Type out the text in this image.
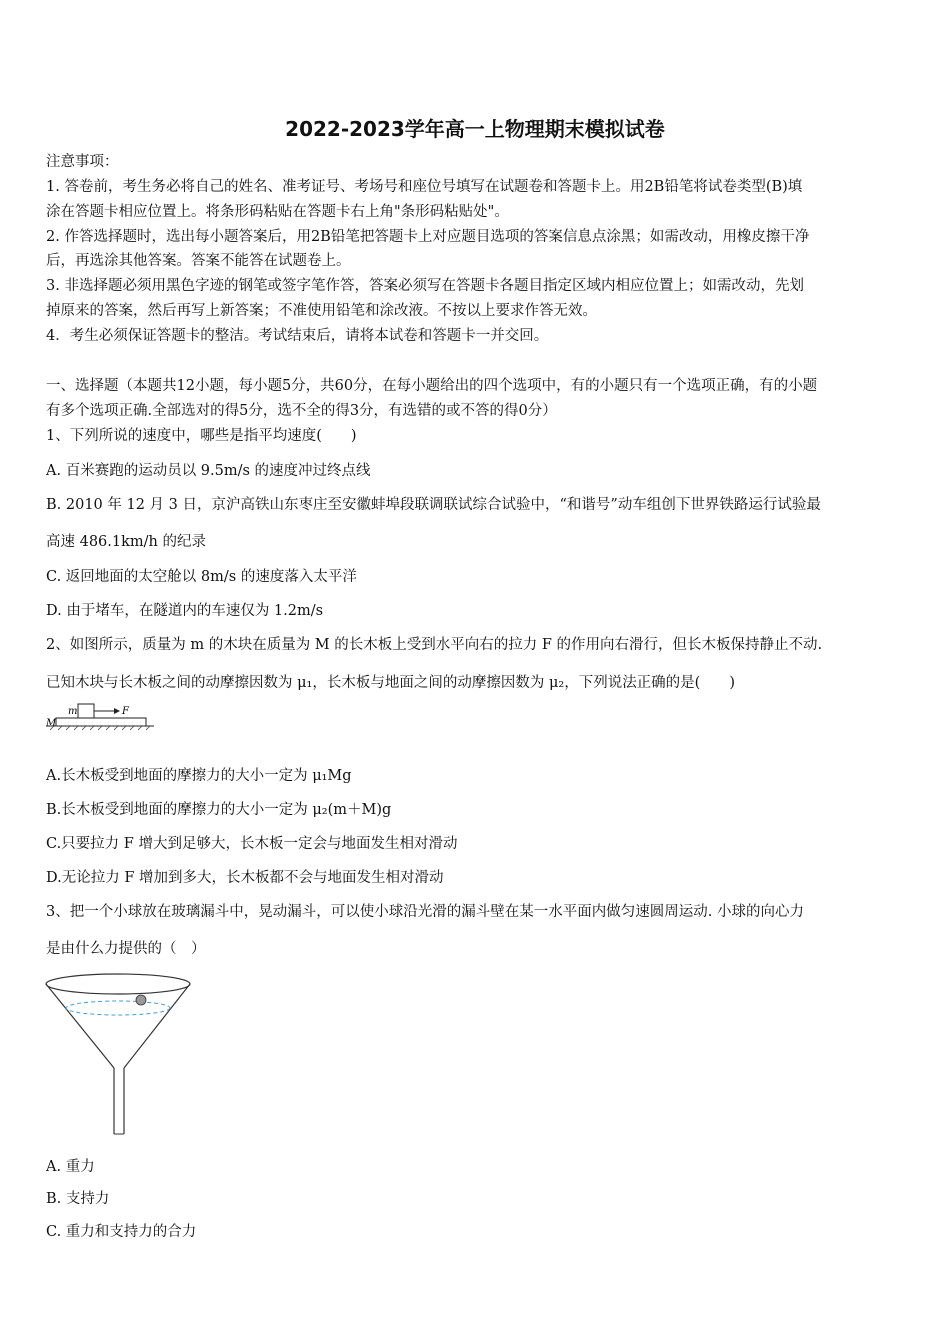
2022-2023学年高一上物理期末模拟试卷
注意事项：
1. 答卷前，考生务必将自己的姓名、准考证号、考场号和座位号填写在试题卷和答题卡上。用2B铅笔将试卷类型(B)填
涂在答题卡相应位置上。将条形码粘贴在答题卡右上角"条形码粘贴处"。
2. 作答选择题时，选出每小题答案后，用2B铅笔把答题卡上对应题目选项的答案信息点涂黑；如需改动，用橡皮擦干净
后，再选涂其他答案。答案不能答在试题卷上。
3. 非选择题必须用黑色字迹的钢笔或签字笔作答，答案必须写在答题卡各题目指定区域内相应位置上；如需改动，先划
掉原来的答案，然后再写上新答案；不准使用铅笔和涂改液。不按以上要求作答无效。
4．考生必须保证答题卡的整洁。考试结束后，请将本试卷和答题卡一并交回。
一、选择题（本题共12小题，每小题5分，共60分，在每小题给出的四个选项中，有的小题只有一个选项正确，有的小题
有多个选项正确.全部选对的得5分，选不全的得3分，有选错的或不答的得0分）
1、下列所说的速度中，哪些是指平均速度(　　)
A. 百米赛跑的运动员以 9.5m/s 的速度冲过终点线
B. 2010 年 12 月 3 日，京沪高铁山东枣庄至安徽蚌埠段联调联试综合试验中，“和谐号”动车组创下世界铁路运行试验最
高速 486.1km/h 的纪录
C. 返回地面的太空舱以 8m/s 的速度落入太平洋
D. 由于堵车，在隧道内的车速仅为 1.2m/s
2、如图所示，质量为 m 的木块在质量为 M 的长木板上受到水平向右的拉力 F 的作用向右滑行，但长木板保持静止不动.
已知木块与长木板之间的动摩擦因数为 μ₁，长木板与地面之间的动摩擦因数为 μ₂，下列说法正确的是(　　)
m
M
F
A.长木板受到地面的摩擦力的大小一定为 μ₁Mg
B.长木板受到地面的摩擦力的大小一定为 μ₂(m＋M)g
C.只要拉力 F 增大到足够大，长木板一定会与地面发生相对滑动
D.无论拉力 F 增加到多大，长木板都不会与地面发生相对滑动
3、把一个小球放在玻璃漏斗中，晃动漏斗，可以使小球沿光滑的漏斗壁在某一水平面内做匀速圆周运动. 小球的向心力
是由什么力提供的（　）
A. 重力
B. 支持力
C. 重力和支持力的合力
